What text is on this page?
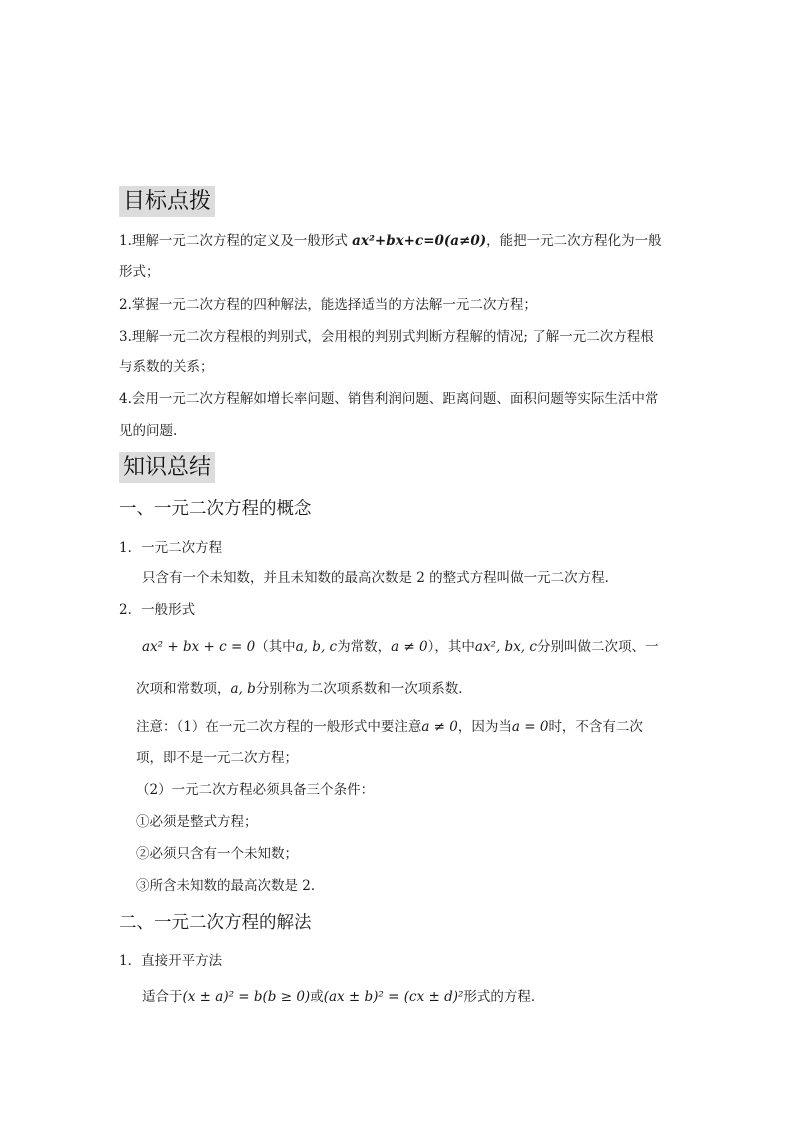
目标点拨
1.理解一元二次方程的定义及一般形式 ax²+bx+c=0(a≠0)，能把一元二次方程化为一般
形式；
2.掌握一元二次方程的四种解法，能选择适当的方法解一元二次方程；
3.理解一元二次方程根的判别式，会用根的判别式判断方程解的情况; 了解一元二次方程根
与系数的关系；
4.会用一元二次方程解如增长率问题、销售利润问题、距离问题、面积问题等实际生活中常
见的问题.
知识总结
一、一元二次方程的概念
1．一元二次方程
只含有一个未知数，并且未知数的最高次数是 2 的整式方程叫做一元二次方程．
2．一般形式
ax² + bx + c = 0（其中a, b, c为常数，a ≠ 0），其中ax², bx, c分别叫做二次项、一
次项和常数项，a, b分别称为二次项系数和一次项系数．
注意：（1）在一元二次方程的一般形式中要注意a ≠ 0，因为当a = 0时，不含有二次
项，即不是一元二次方程；
（2）一元二次方程必须具备三个条件：
①必须是整式方程；
②必须只含有一个未知数；
③所含未知数的最高次数是 2．
二、一元二次方程的解法
1．直接开平方法
适合于(x ± a)² = b(b ≥ 0)或(ax ± b)² = (cx ± d)²形式的方程．
